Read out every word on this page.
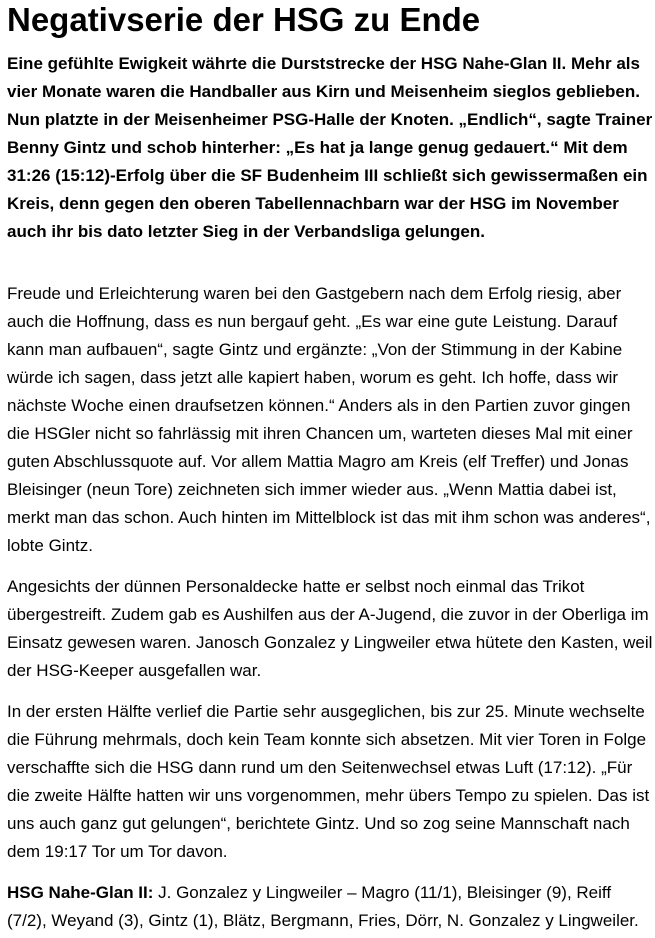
Negativserie der HSG zu Ende

Eine gefühlte Ewigkeit währte die Durststrecke der HSG Nahe-Glan II. Mehr als vier Monate waren die Handballer aus Kirn und Meisenheim sieglos geblieben. Nun platzte in der Meisenheimer PSG-Halle der Knoten. „Endlich“, sagte Trainer Benny Gintz und schob hinterher: „Es hat ja lange genug gedauert.“ Mit dem 31:26 (15:12)-Erfolg über die SF Budenheim III schließt sich gewissermaßen ein Kreis, denn gegen den oberen Tabellennachbarn war der HSG im November auch ihr bis dato letzter Sieg in der Verbandsliga gelungen.

Freude und Erleichterung waren bei den Gastgebern nach dem Erfolg riesig, aber auch die Hoffnung, dass es nun bergauf geht. „Es war eine gute Leistung. Darauf kann man aufbauen“, sagte Gintz und ergänzte: „Von der Stimmung in der Kabine würde ich sagen, dass jetzt alle kapiert haben, worum es geht. Ich hoffe, dass wir nächste Woche einen draufsetzen können.“ Anders als in den Partien zuvor gingen die HSGler nicht so fahrlässig mit ihren Chancen um, warteten dieses Mal mit einer guten Abschlussquote auf. Vor allem Mattia Magro am Kreis (elf Treffer) und Jonas Bleisinger (neun Tore) zeichneten sich immer wieder aus. „Wenn Mattia dabei ist, merkt man das schon. Auch hinten im Mittelblock ist das mit ihm schon was anderes“, lobte Gintz.

Angesichts der dünnen Personaldecke hatte er selbst noch einmal das Trikot übergestreift. Zudem gab es Aushilfen aus der A-Jugend, die zuvor in der Oberliga im Einsatz gewesen waren. Janosch Gonzalez y Lingweiler etwa hütete den Kasten, weil der HSG-Keeper ausgefallen war.

In der ersten Hälfte verlief die Partie sehr ausgeglichen, bis zur 25. Minute wechselte die Führung mehrmals, doch kein Team konnte sich absetzen. Mit vier Toren in Folge verschaffte sich die HSG dann rund um den Seitenwechsel etwas Luft (17:12). „Für die zweite Hälfte hatten wir uns vorgenommen, mehr übers Tempo zu spielen. Das ist uns auch ganz gut gelungen“, berichtete Gintz. Und so zog seine Mannschaft nach dem 19:17 Tor um Tor davon.

HSG Nahe-Glan II: J. Gonzalez y Lingweiler – Magro (11/1), Bleisinger (9), Reiff (7/2), Weyand (3), Gintz (1), Blätz, Bergmann, Fries, Dörr, N. Gonzalez y Lingweiler.
